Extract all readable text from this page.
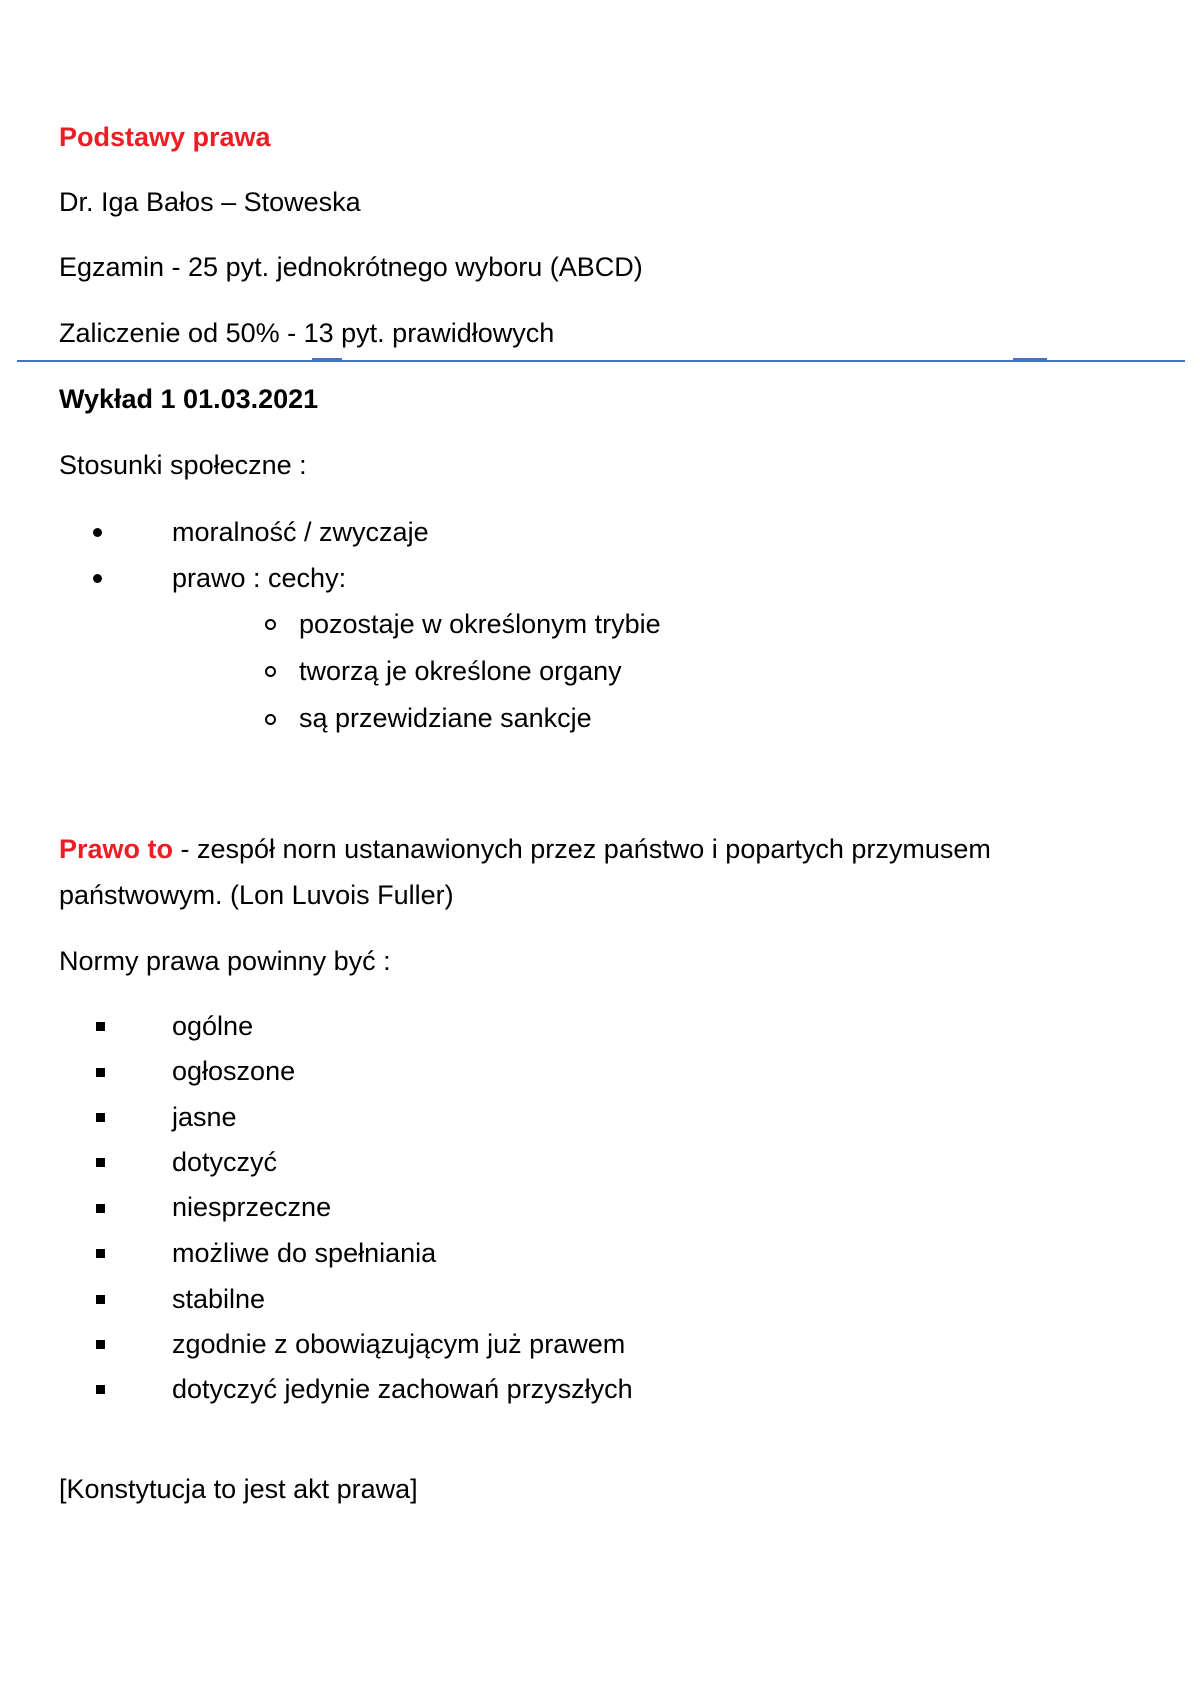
Podstawy prawa
Dr. Iga Bałos – Stoweska
Egzamin - 25 pyt. jednokrótnego wyboru (ABCD)
Zaliczenie od 50% - 13 pyt. prawidłowych
Wykład 1 01.03.2021
Stosunki społeczne :
moralność / zwyczaje
prawo : cechy:
pozostaje w określonym trybie
tworzą je określone organy
są przewidziane sankcje
Prawo to - zespół norn ustanawionych przez państwo i popartych przymusem
państwowym. (Lon Luvois Fuller)
Normy prawa powinny być :
ogólne
ogłoszone
jasne
dotyczyć
niesprzeczne
możliwe do spełniania
stabilne
zgodnie z obowiązującym już prawem
dotyczyć jedynie zachowań przyszłych
[Konstytucja to jest akt prawa]
